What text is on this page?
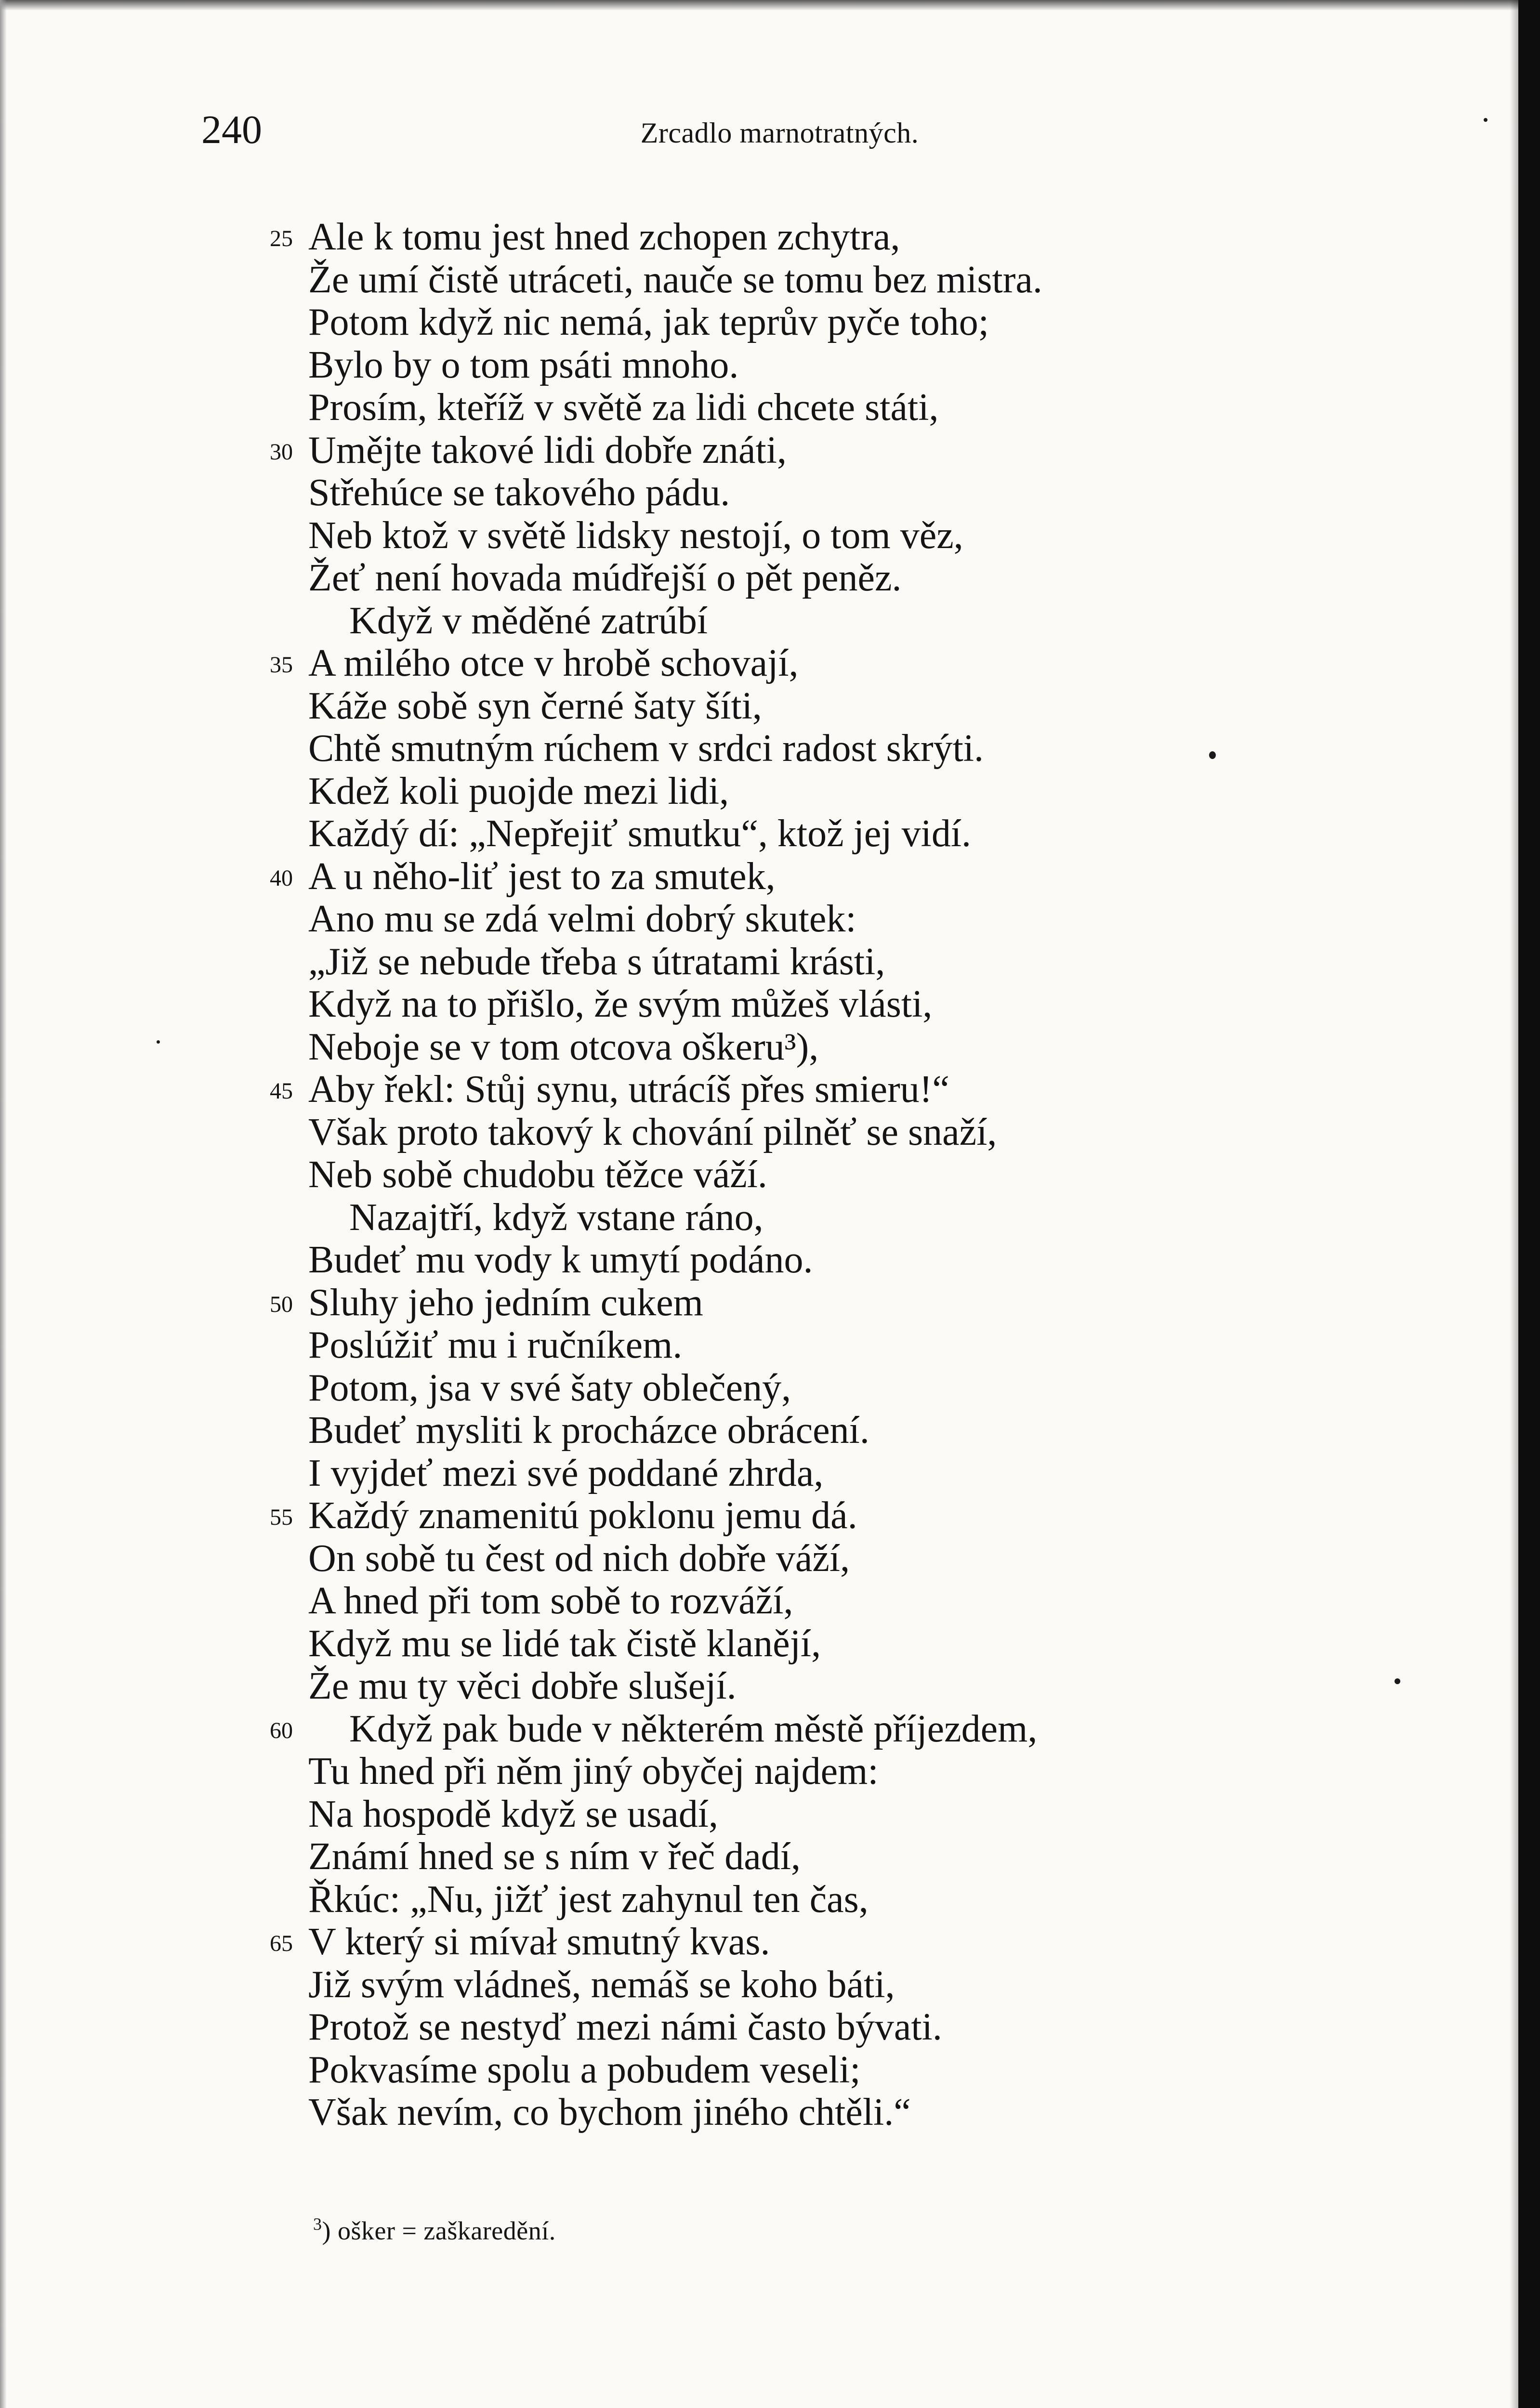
240	Zrcadlo marnotratných.
25 Ale k tomu jest hned zchopen zchytra,
Že umí čistě utráceti, nauče se tomu bez mistra.
Potom když nic nemá, jak teprův pyče toho;
Bylo by o tom psáti mnoho.
Prosím, kteříž v světě za lidi chcete státi,
30 Umějte takové lidi dobře znáti,
Střehúce se takového pádu.
Neb ktož v světě lidsky nestojí, o tom věz,
Žeť není hovada múdřejší o pět peněz.
Když v měděné zatrúbí
35 A milého otce v hrobě schovají,
Káže sobě syn černé šaty šíti,
Chtě smutným rúchem v srdci radost skrýti.
Kdež koli puojde mezi lidi,
Každý dí: „Nepřejiť smutku“, ktož jej vidí.
40 A u něho-liť jest to za smutek,
Ano mu se zdá velmi dobrý skutek:
„Již se nebude třeba s útratami krásti,
Když na to přišlo, že svým můžeš vlásti,
Neboje se v tom otcova oškeru³),
45 Aby řekl: Stůj synu, utrácíš přes smieru!“
Však proto takový k chování pilněť se snaží,
Neb sobě chudobu těžce váží.
Nazajtří, když vstane ráno,
Budeť mu vody k umytí podáno.
50 Sluhy jeho jedním cukem
Poslúžiť mu i ručníkem.
Potom, jsa v své šaty oblečený,
Budeť mysliti k procházce obrácení.
I vyjdeť mezi své poddané zhrda,
55 Každý znamenitú poklonu jemu dá.
On sobě tu čest od nich dobře váží,
A hned při tom sobě to rozváží,
Když mu se lidé tak čistě klanějí,
Že mu ty věci dobře slušejí.
60 Když pak bude v některém městě příjezdem,
Tu hned při něm jiný obyčej najdem:
Na hospodě když se usadí,
Známí hned se s ním v řeč dadí,
Řkúc: „Nu, jižť jest zahynul ten čas,
65 V který si mívał smutný kvas.
Již svým vládneš, nemáš se koho báti,
Protož se nestyď mezi námi často bývati.
Pokvasíme spolu a pobudem veseli;
Však nevím, co bychom jiného chtěli.“
$^3$) ošker = zaškaredění.
